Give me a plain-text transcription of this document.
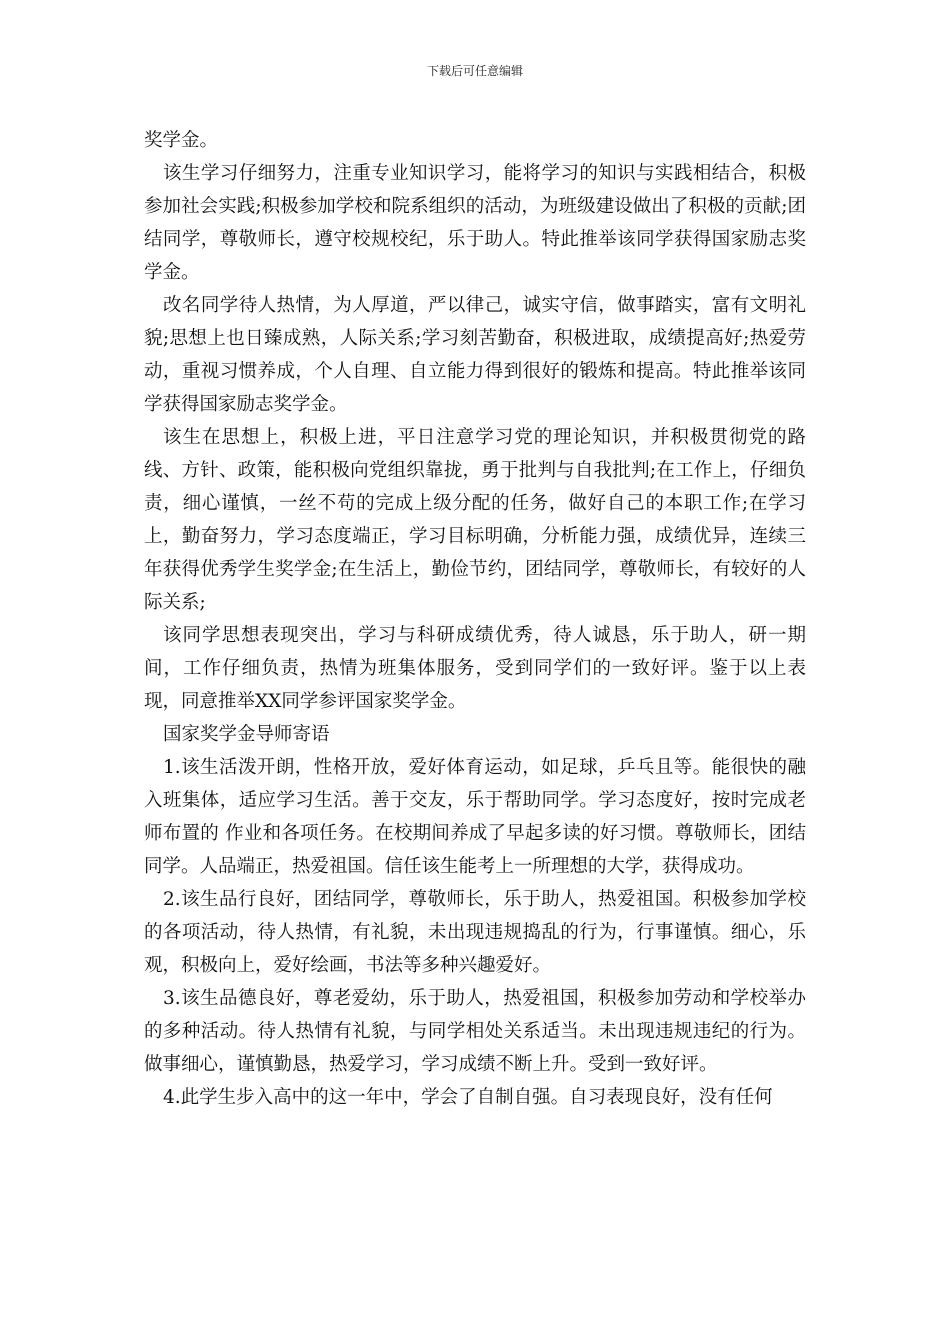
下载后可任意编辑

奖学金。

该生学习仔细努力，注重专业知识学习，能将学习的知识与实践相结合，积极参加社会实践;积极参加学校和院系组织的活动，为班级建设做出了积极的贡献;团结同学，尊敬师长，遵守校规校纪，乐于助人。特此推举该同学获得国家励志奖学金。

改名同学待人热情，为人厚道，严以律己，诚实守信，做事踏实，富有文明礼貌;思想上也日臻成熟，人际关系;学习刻苦勤奋，积极进取，成绩提高好;热爱劳动，重视习惯养成，个人自理、自立能力得到很好的锻炼和提高。特此推举该同学获得国家励志奖学金。

该生在思想上，积极上进，平日注意学习党的理论知识，并积极贯彻党的路线、方针、政策，能积极向党组织靠拢，勇于批判与自我批判;在工作上，仔细负责，细心谨慎，一丝不苟的完成上级分配的任务，做好自己的本职工作;在学习上，勤奋努力，学习态度端正，学习目标明确，分析能力强，成绩优异，连续三年获得优秀学生奖学金;在生活上，勤俭节约，团结同学，尊敬师长，有较好的人际关系;

该同学思想表现突出，学习与科研成绩优秀，待人诚恳，乐于助人，研一期间，工作仔细负责，热情为班集体服务，受到同学们的一致好评。鉴于以上表现，同意推举XX同学参评国家奖学金。

国家奖学金导师寄语

1.该生活泼开朗，性格开放，爱好体育运动，如足球，乒乓且等。能很快的融入班集体，适应学习生活。善于交友，乐于帮助同学。学习态度好，按时完成老师布置的 作业和各项任务。在校期间养成了早起多读的好习惯。尊敬师长，团结同学。人品端正，热爱祖国。信任该生能考上一所理想的大学，获得成功。

2.该生品行良好，团结同学，尊敬师长，乐于助人，热爱祖国。积极参加学校的各项活动，待人热情，有礼貌，未出现违规捣乱的行为，行事谨慎。细心，乐观，积极向上，爱好绘画，书法等多种兴趣爱好。

3.该生品德良好，尊老爱幼，乐于助人，热爱祖国，积极参加劳动和学校举办的多种活动。待人热情有礼貌，与同学相处关系适当。未出现违规违纪的行为。做事细心，谨慎勤恳，热爱学习，学习成绩不断上升。受到一致好评。

4.此学生步入高中的这一年中，学会了自制自强。自习表现良好，没有任何
